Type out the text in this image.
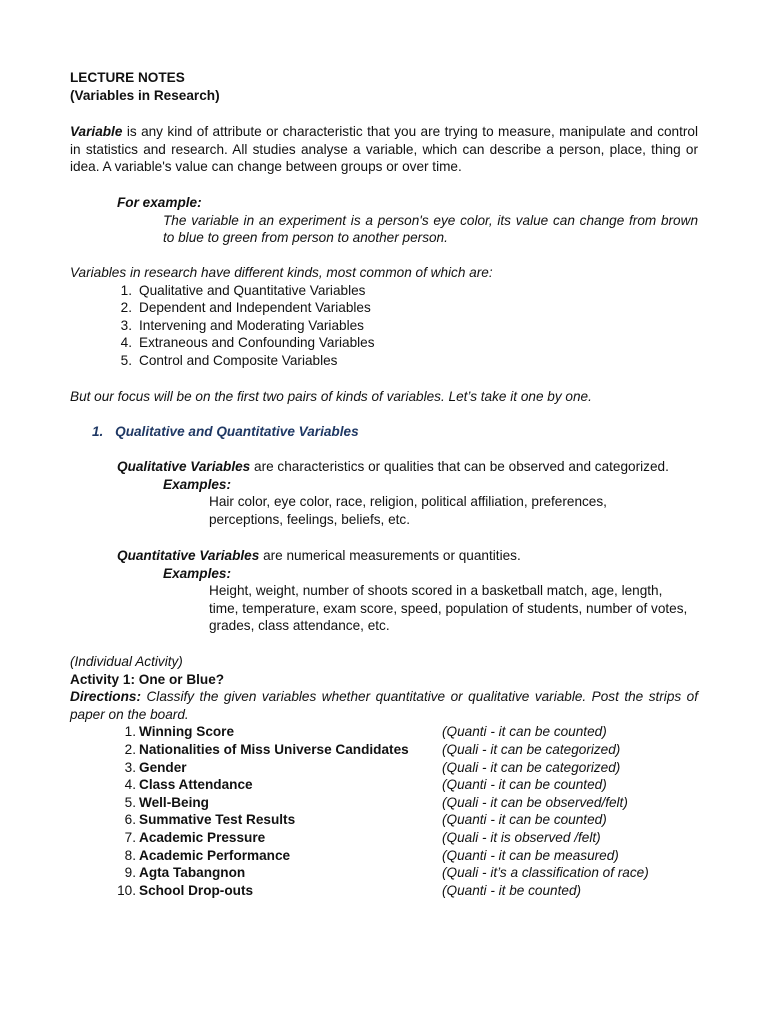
LECTURE NOTES
(Variables in Research)
Variable is any kind of attribute or characteristic that you are trying to measure, manipulate and control in statistics and research. All studies analyse a variable, which can describe a person, place, thing or idea. A variable's value can change between groups or over time.
For example:
The variable in an experiment is a person's eye color, its value can change from brown to blue to green from person to another person.
Variables in research have different kinds, most common of which are:
1. Qualitative and Quantitative Variables
2. Dependent and Independent Variables
3. Intervening and Moderating Variables
4. Extraneous and Confounding Variables
5. Control and Composite Variables
But our focus will be on the first two pairs of kinds of variables. Let’s take it one by one.
1. Qualitative and Quantitative Variables
Qualitative Variables are characteristics or qualities that can be observed and categorized.
Examples:
Hair color, eye color, race, religion, political affiliation, preferences, perceptions, feelings, beliefs, etc.
Quantitative Variables are numerical measurements or quantities.
Examples:
Height, weight, number of shoots scored in a basketball match, age, length, time, temperature, exam score, speed, population of students, number of votes, grades, class attendance, etc.
(Individual Activity)
Activity 1: One or Blue?
Directions: Classify the given variables whether quantitative or qualitative variable. Post the strips of paper on the board.
1. Winning Score	(Quanti - it can be counted)
2. Nationalities of Miss Universe Candidates (Quali - it can be categorized)
3. Gender	(Quali - it can be categorized)
4. Class Attendance	(Quanti - it can be counted)
5. Well-Being	(Quali - it can be observed/felt)
6. Summative Test Results	(Quanti - it can be counted)
7. Academic Pressure	(Quali - it is observed /felt)
8. Academic Performance	(Quanti - it can be measured)
9. Agta Tabangnon	(Quali - it’s a classification of race)
10. School Drop-outs	(Quanti - it be counted)
